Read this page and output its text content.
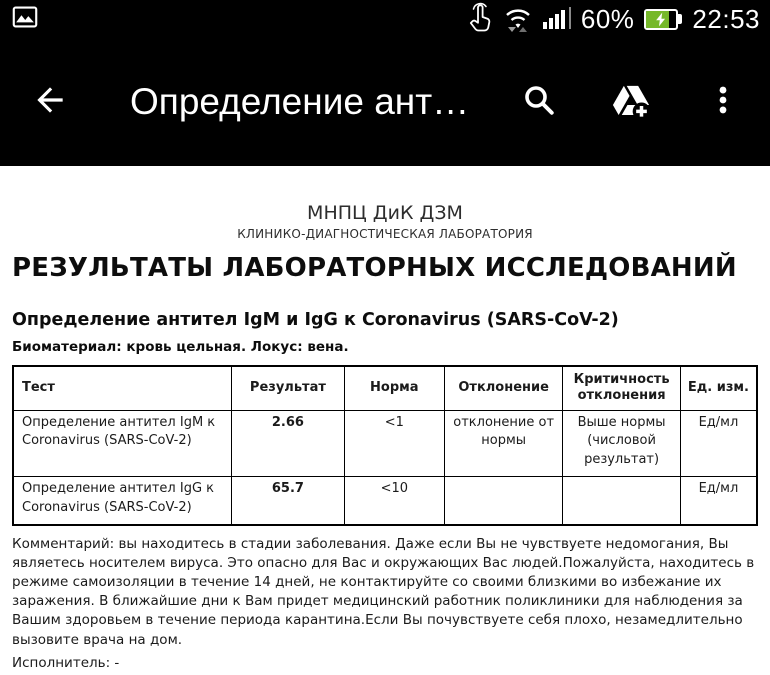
60% 22:53
Определение ант…
МНПЦ ДиК ДЗМ
КЛИНИКО-ДИАГНОСТИЧЕСКАЯ ЛАБОРАТОРИЯ
РЕЗУЛЬТАТЫ ЛАБОРАТОРНЫХ ИССЛЕДОВАНИЙ
Определение антител IgM и IgG к Coronavirus (SARS-CoV-2)
Биоматериал: кровь цельная. Локус: вена.
Тест	Результат	Норма	Отклонение	Критичность отклонения	Ед. изм.
Определение антител IgM к Coronavirus (SARS-CoV-2)	2.66	<1	отклонение от нормы	Выше нормы (числовой результат)	Ед/мл
Определение антител IgG к Coronavirus (SARS-CoV-2)	65.7	<10			Ед/мл
Комментарий: вы находитесь в стадии заболевания. Даже если Вы не чувствуете недомогания, Вы являетесь носителем вируса. Это опасно для Вас и окружающих Вас людей.Пожалуйста, находитесь в режиме самоизоляции в течение 14 дней, не контактируйте со своими близкими во избежание их заражения. В ближайшие дни к Вам придет медицинский работник поликлиники для наблюдения за Вашим здоровьем в течение периода карантина.Если Вы почувствуете себя плохо, незамедлительно вызовите врача на дом.
Исполнитель: -
